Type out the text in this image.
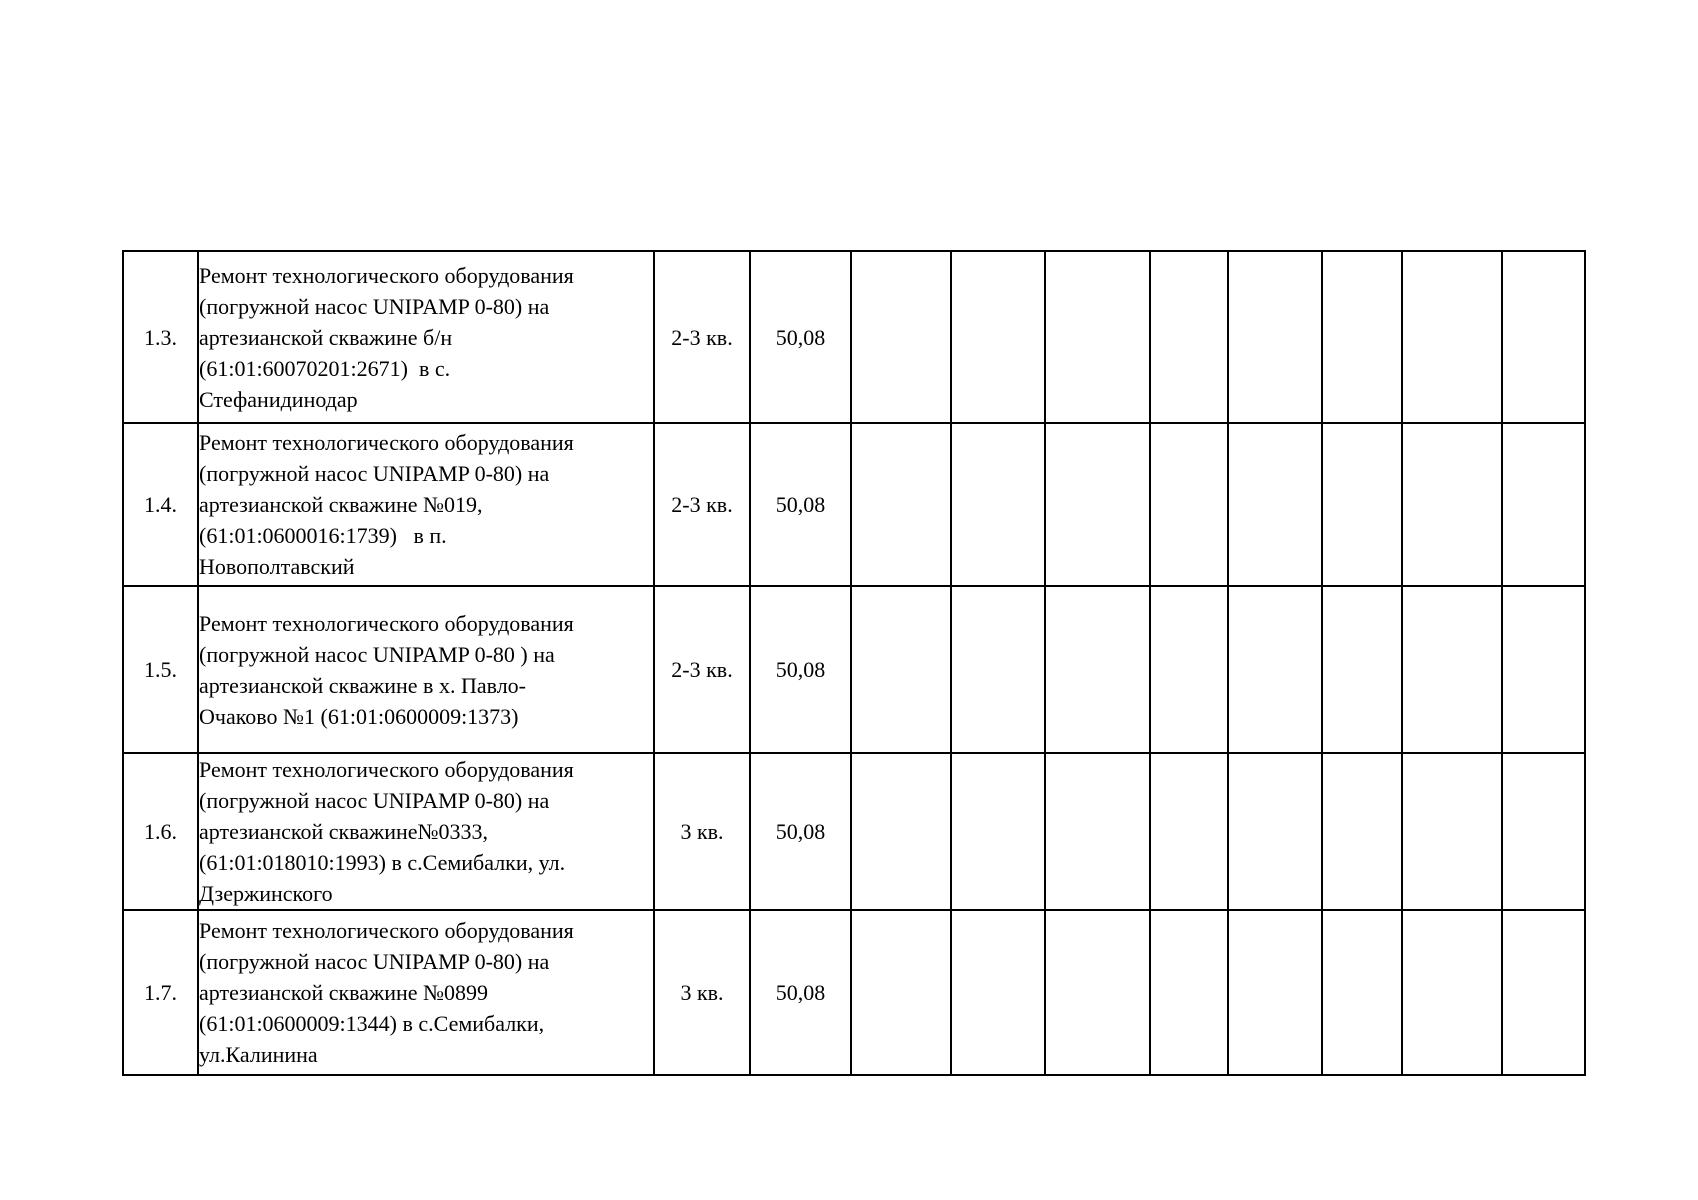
1.3.	Ремонт технологического оборудования
(погружной насос UNIPAMP 0-80) на
артезианской скважине б/н
(61:01:60070201:2671)  в с.
Стефанидинодар	2-3 кв.	50,08								
1.4.	Ремонт технологического оборудования
(погружной насос UNIPAMP 0-80) на
артезианской скважине №019,
(61:01:0600016:1739)   в п.
Новополтавский	2-3 кв.	50,08								
1.5.	Ремонт технологического оборудования
(погружной насос UNIPAMP 0-80 ) на
артезианской скважине в х. Павло-
Очаково №1 (61:01:0600009:1373)	2-3 кв.	50,08								
1.6.	Ремонт технологического оборудования
(погружной насос UNIPAMP 0-80) на
артезианской скважине№0333,
(61:01:018010:1993) в с.Семибалки, ул.
Дзержинского	3 кв.	50,08								
1.7.	Ремонт технологического оборудования
(погружной насос UNIPAMP 0-80) на
артезианской скважине №0899
(61:01:0600009:1344) в с.Семибалки,
ул.Калинина	3 кв.	50,08								
